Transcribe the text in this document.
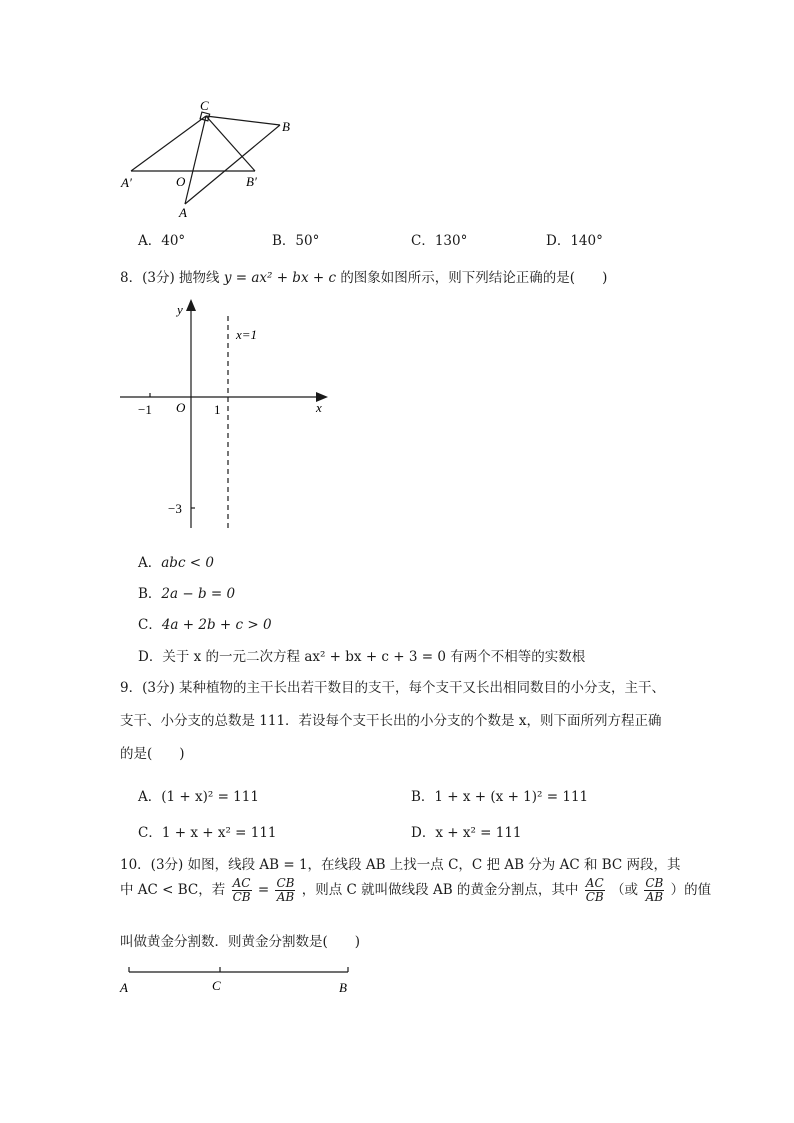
C
B
A′	O	B′
A
A．40°	B．50°	C．130°	D．140°
8．(3分) 抛物线 y = ax² + bx + c 的图象如图所示，则下列结论正确的是(　　)
y
x
O
−1	1
−3
x=1
A．abc < 0
B．2a − b = 0
C．4a + 2b + c > 0
D．关于 x 的一元二次方程 ax² + bx + c + 3 = 0 有两个不相等的实数根
9．(3分) 某种植物的主干长出若干数目的支干，每个支干又长出相同数目的小分支，主干、
支干、小分支的总数是 111．若设每个支干长出的小分支的个数是 x，则下面所列方程正确
的是(　　)
A．(1 + x)² = 111	B．1 + x + (x + 1)² = 111
C．1 + x + x² = 111	D．x + x² = 111
10．(3分) 如图，线段 AB = 1，在线段 AB 上找一点 C，C 把 AB 分为 AC 和 BC 两段，其
中 AC < BC，若 $\frac{AC}{CB} = \frac{CB}{AB}$ ，则点 C 就叫做线段 AB 的黄金分割点，其中 $\frac{AC}{CB}$ （或 $\frac{CB}{AB}$ ）的值
叫做黄金分割数．则黄金分割数是(　　)
A	C	B
